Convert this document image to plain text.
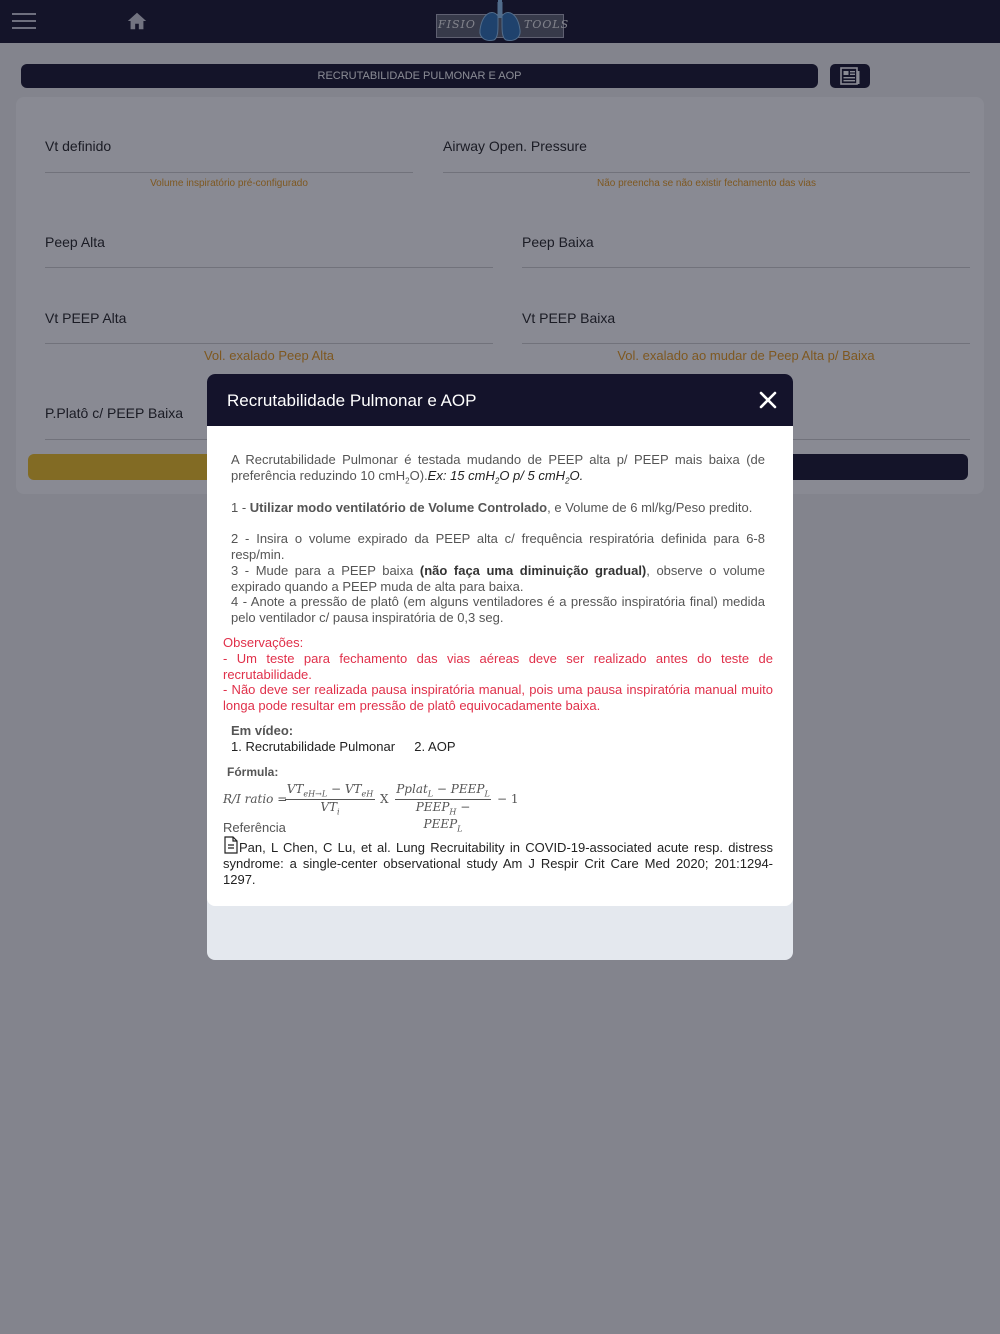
Recrutabilidade Pulmonar e AOP
A Recrutabilidade Pulmonar é testada mudando de PEEP alta p/ PEEP mais baixa (de preferência reduzindo 10 cmH$_2$O).Ex: 15 cmH$_2$O p/ 5 cmH$_2$O.
1 - Utilizar modo ventilatório de Volume Controlado, e Volume de 6 ml/kg/Peso predito.
2 - Insira o volume expirado da PEEP alta c/ frequência respiratória definida para 6-8 resp/min.
3 - Mude para a PEEP baixa (não faça uma diminuição gradual), observe o volume expirado quando a PEEP muda de alta para baixa.
4 - Anote a pressão de platô (em alguns ventiladores é a pressão inspiratória final) medida pelo ventilador c/ pausa inspiratória de 0,3 seg.
Observações:
- Um teste para fechamento das vias aéreas deve ser realizado antes do teste de recrutabilidade.
- Não deve ser realizada pausa inspiratória manual, pois uma pausa inspiratória manual muito longa pode resultar em pressão de platô equivocadamente baixa.
Em vídeo:
1. Recrutabilidade Pulmonar 2. AOP
Fórmula:
R/I ratio =
$VT_{eH\to L} - VT_{eH}$
$VT_i$
X
Pplat$_L$ − $PEEP_L$
$PEEP_H$ − $PEEP_L$
− 1
Referência
Pan, L Chen, C Lu, et al. Lung Recruitability in COVID-19-associated acute resp. distress syndrome: a single-center observational study Am J Respir Crit Care Med 2020; 201:1294-1297.
